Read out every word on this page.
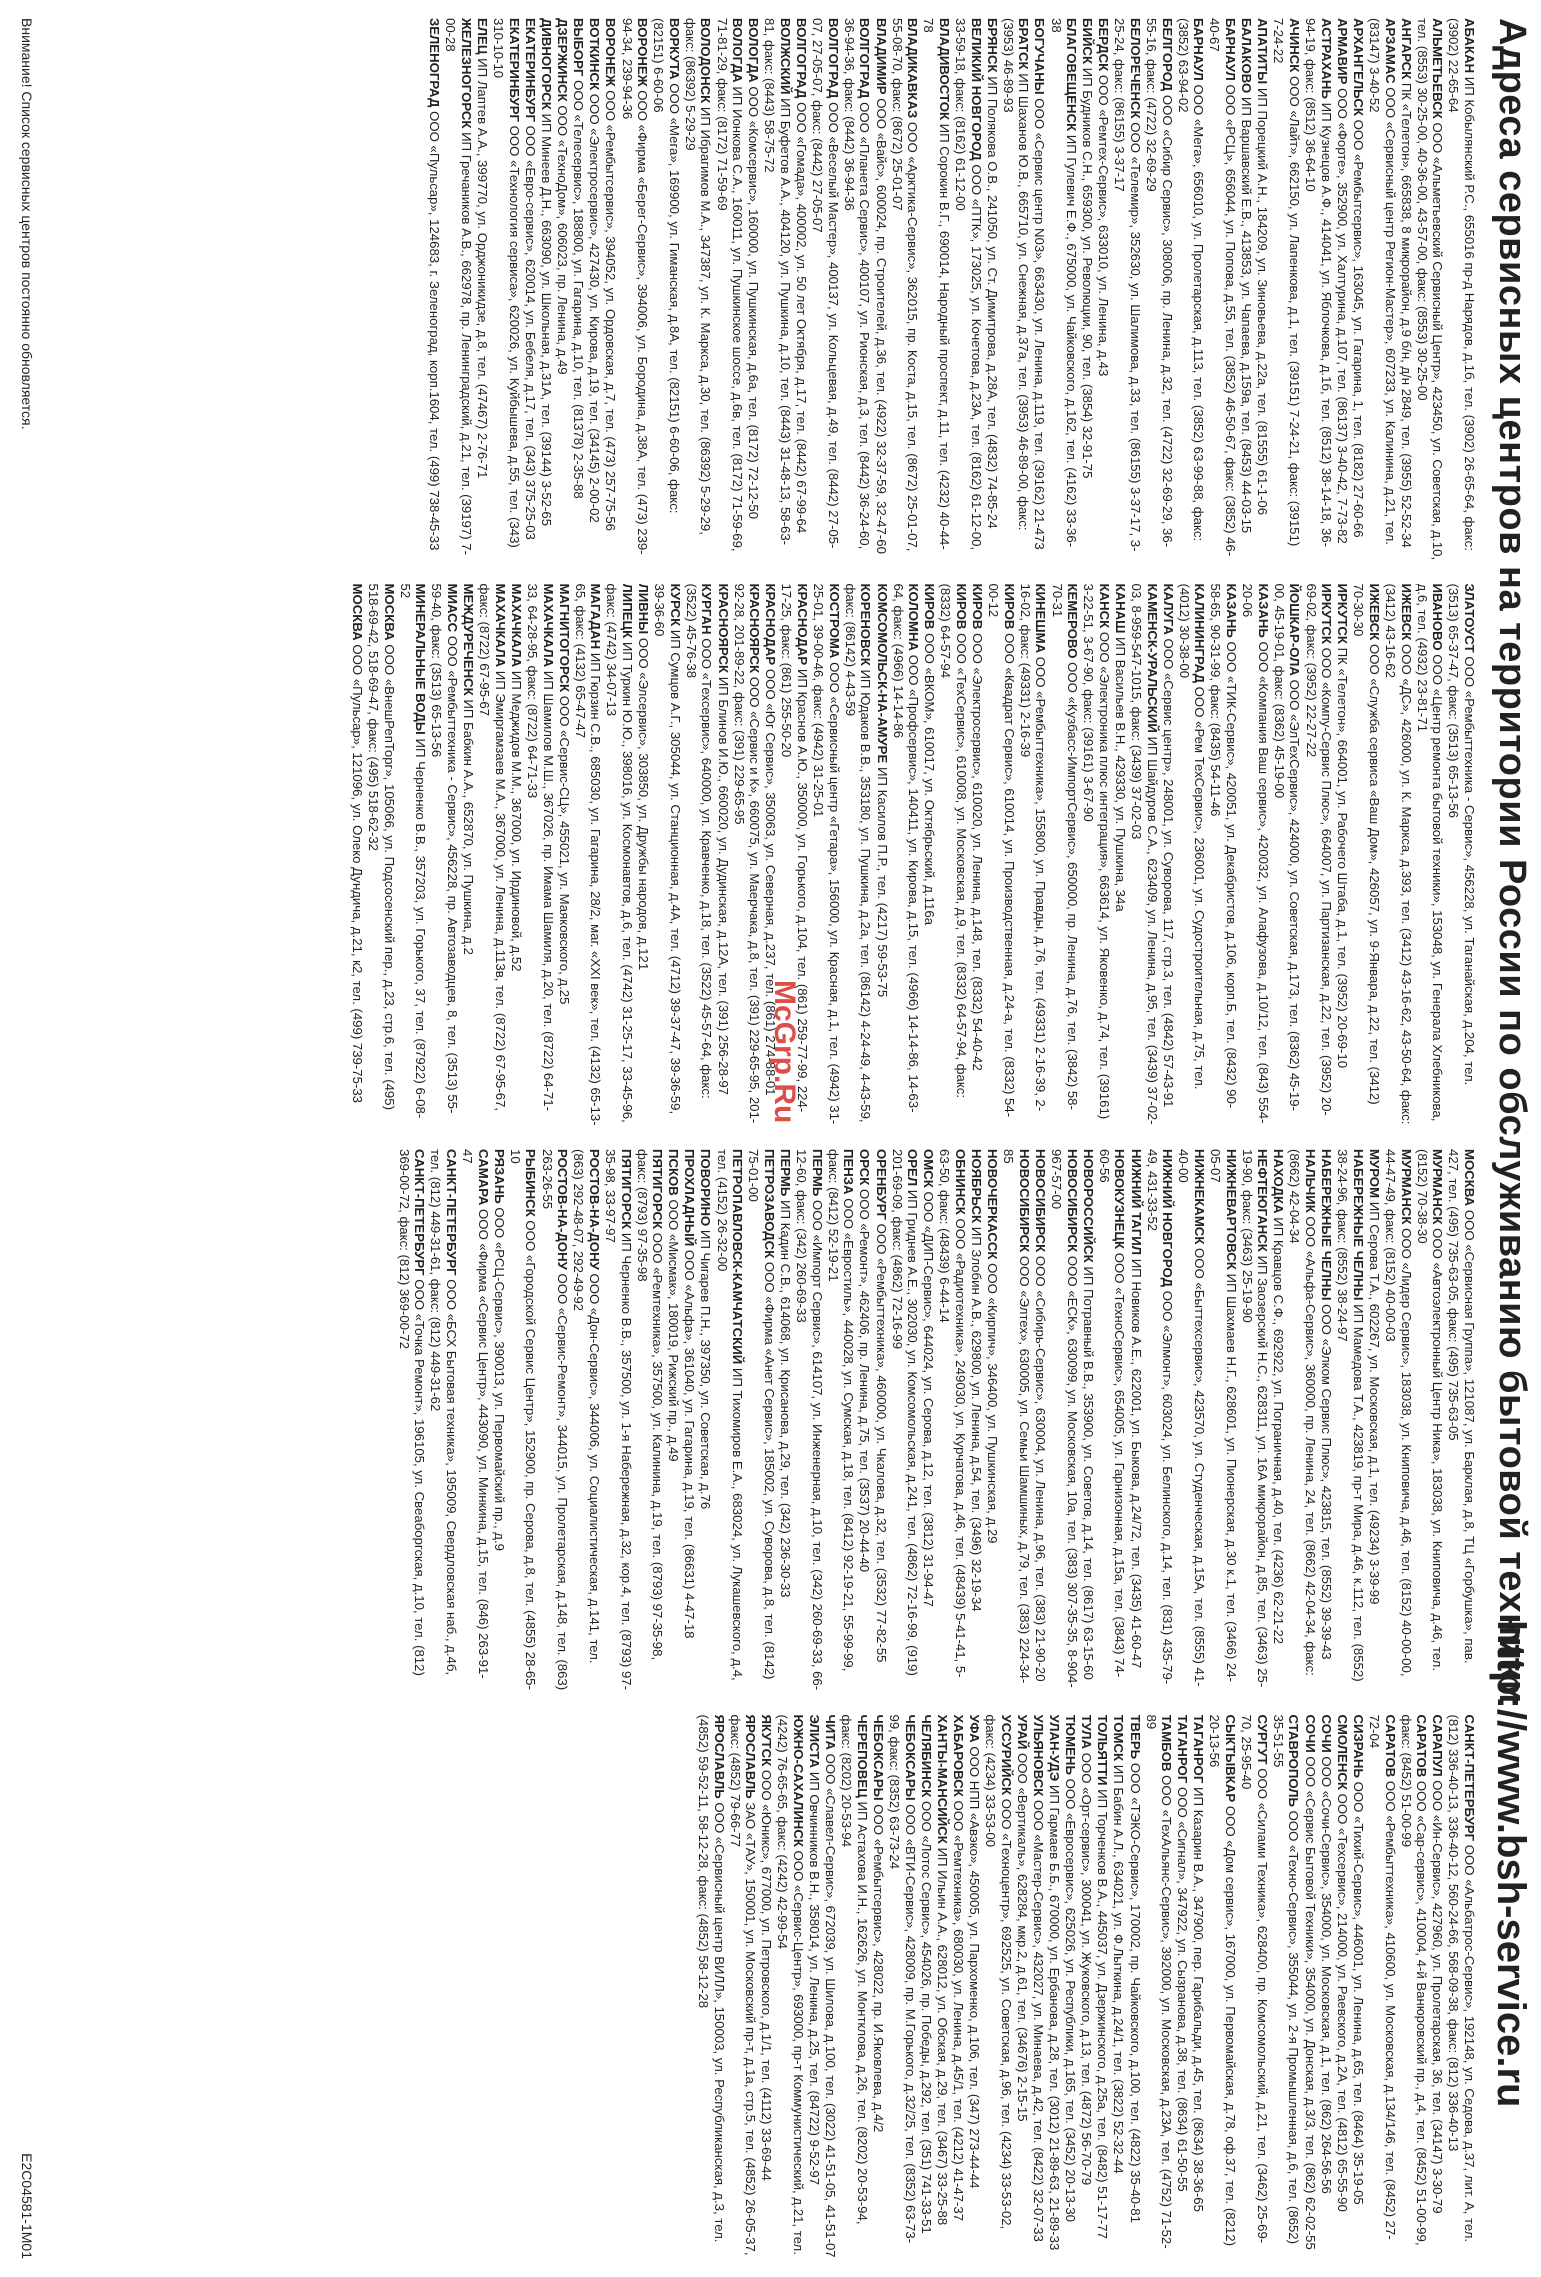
Адреса сервисных центров на территории России по обслуживанию бытовой техники
http://www.bsh-service.ru
АБАКАН ИП Кобылянский Р.С., 655016 пр-д Нарядов, д.1б, тел. (3902) 26-65-64, факс: (3902) 22-65-64
АЛЬМЕТЬЕВСК ООО «Альметьевский Сервисный Центр», 423450, ул. Советская, д.10, тел. (8553) 30-25-00, 40-36-00, 43-57-00, факс: (8553) 30-25-00
АНГАРСК ПК «Телетон», 665838, 8 микрорайон, д.9 б/н, д/н 2849, тел. (3955) 52-52-34
АРЗАМАС ООО «Сервисный центр Регион-Мастер», 607233, ул. Калинина, д.21, тел. (83147) 3-40-52
АРХАНГЕЛЬСК ООО «Рембытсервис», 163045, ул. Гагарина, 1, тел. (8182) 27-60-66
АРМАВИР ООО «Форте», 352900, ул. Халтурина, д.107, тел. (86137) 3-40-42, 7-73-82
АСТРАХАНЬ ИП Кузнецов А.Ф., 414041, ул. Яблочкова, д.1б, тел. (8512) 38-14-18, 36-94-19, факс: (8512) 36-64-10
АЧИНСК ООО «Лайт», 662150, ул. Лапенкова, д.1, тел. (39151) 7-24-21, факс: (39151) 7-24-22
АПАТИТЫ ИП Порецкий А.Н., 184209, ул. Зиновьева, д.22а, тел. (81555) 61-1-06
БАЛАКОВО ИП Варшавский Е.В., 413853, ул. Чапаева, д.159а, тел. (8453) 44-03-15
БАРНАУЛ ООО «РСЦ», 656044, ул. Попова, д.55, тел. (3852) 46-50-67, факс: (3852) 46-40-67
БАРНАУЛ ООО «Мега», 656010, ул. Пролетарская, д.113, тел. (3852) 63-99-88, факс: (3852) 63-94-02
БЕЛГОРОД ООО «Сибир Сервис», 308006, пр. Ленина, д.32, тел. (4722) 32-69-29, 36-55-16, факс: (4722) 32-69-29
БЕЛОРЕЧЕНСК ООО «Телемир», 352630, ул. Шалимова, д.33, тел. (86155) 3-37-17, 3-25-24, факс: (86155) 3-37-17
БЕРДСК ООО «Ремтех-Сервис», 633010, ул. Ленина, д.43
БИЙСК ИП Будников С.Н., 659300, ул. Революции, 90, тел. (3854) 32-91-75
БЛАГОВЕЩЕНСК ИП Гулевич Е.Ф., 675000, ул. Чайковского, д.162, тел. (4162) 33-36-38
БОГУЧАНЫ ООО «Сервис центр N03», 663430, ул. Ленина, д.119, тел. (39162) 21-473
БРАТСК ИП Шаханов Ю.В., 665710, ул. Снежная, д.37а, тел. (3953) 46-89-00, факс: (3953) 46-89-93
БРЯНСК ИП Полякова О.В., 241050, ул. Ст. Димитрова, д.28А, тел. (4832) 74-85-24
ВЕЛИКИЙ НОВГОРОД ООО «ПТК», 173025, ул. Кочетова, д.23А, тел. (8162) 61-12-00, 33-59-18, факс: (8162) 61-12-00
ВЛАДИВОСТОК ИП Сорокин В.Г., 690014, Народный проспект, д.11, тел. (4232) 40-44-78
ВЛАДИКАВКАЗ ООО «Арктика-Сервис», 362015, пр. Коста, д.15, тел. (8672) 25-01-07, 55-08-70, факс: (8672) 25-01-07
ВЛАДИМИР ООО «Вайс», 600024, пр. Строителей, д.36, тел. (4922) 32-37-59, 32-47-60
ВОЛГОГРАД ООО «Планета Сервис», 400107, ул. Рионская, д.3, тел. (8442) 36-24-60, 36-94-36, факс: (8442) 36-94-36
ВОЛГОГРАД ООО «Веселый Мастер», 400137, ул. Кольцевая, д.49, тел. (8442) 27-05-07, 27-05-07, факс: (8442) 27-05-07
ВОЛГОГРАД ООО «Гомада», 400002, ул. 50 лет Октября, д.17, тел. (8442) 67-99-64
ВОЛЖСКИЙ ИП Буфетов А.А., 404120, ул. Пушкина, д.10, тел. (8443) 31-48-13, 58-63-81, факс: (8443) 58-75-72
ВОЛОГДА ООО «Комсервис», 160000, ул. Пушкинская, д.6а, тел. (8172) 72-12-50
ВОЛОГДА ИП Ионкова С.А., 160011, ул. Пушкинское шоссе, д.6в, тел. (8172) 71-59-69, 71-81-29, факс: (8172) 71-59-69
ВОЛОДОНСК ИП Ибрагимов М.А., 347387, ул. К. Маркса, д.30, тел. (86392) 5-29-29, факс: (86392) 5-29-29
ВОРКУТА ООО «Мега», 169900, ул. Гиманская, д.8А, тел. (82151) 6-60-06, факс: (82151) 6-60-06
ВОРОНЕЖ ООО «Фирма «Берег-Сервис», 394006, ул. Бородина, д.38А, тел. (473) 239-94-34, 239-94-36
ВОРОНЕЖ ООО «Рембытсервис», 394052, ул. Ордовская, д.7, тел. (473) 257-75-56
ВОТКИНСК ООО «Электросервис», 427430, ул. Кирова, д.19, тел. (34145) 2-00-02
ВЫБОРГ ООО «Телесервис», 188800, ул. Гагарина, д.10, тел. (81378) 2-35-88
ДЗЕРЖИНСК ООО «ТехноДом», 606023, пр. Ленина, д.49
ДИВНОГОРСК ИП Минеев Д.Н., 663090, ул. Школьная, д.31А, тел. (39144) 3-52-65
ЕКАТЕРИНБУРГ ООО «Евро-сервис», 620014, ул. Бебеля, д.17, тел. (343) 375-25-03
ЕКАТЕРИНБУРГ ООО «Технология сервиса», 620026, ул. Куйбышева, д.55, тел. (343) 310-10-10
ЕЛЕЦ ИП Лаптев А.А., 399770, ул. Орджоникидзе, д.8, тел. (47467) 2-76-71
ЖЕЛЕЗНОГОРСК ИП Гречаников А.В., 662978, пр. Ленинградский, д.21, тел. (39197) 7-00-28
ЗЕЛЕНОГРАД ООО «Пульсар», 124683, г. Зеленоград, корп.1604, тел. (499) 738-45-33
ЗЛАТОУСТ ООО «Рембыттехника - Сервис», 456228, ул. Таганайская, д.204, тел. (3513) 65-37-47, факс: (3513) 65-13-56
ИВАНОВО ООО «Центр ремонта бытовой техники», 153048, ул. Генерала Хлебникова, д.6, тел. (4932) 23-81-71
ИЖЕВСК ООО «ДС», 426000, ул. К. Маркса, д.393, тел. (3412) 43-16-62, 43-50-64, факс: (3412) 43-16-62
ИЖЕВСК ООО «Служба сервиса «Ваш Дом», 426057, ул. 9-Январа, д.22, тел. (3412) 70-30-30
ИРКУТСК ПК «Телетон», 664001, ул. Рабочего Штаба, д.1, тел. (3952) 20-69-10
ИРКУТСК ООО «Компу-Сервис Плюс», 664007, ул. Партизанская, д.22, тел. (3952) 20-69-02, факс: (3952) 22-27-22
ЙОШКАР-ОЛА ООО «ЭлТехСервис», 424000, ул. Советская, д.173, тел. (8362) 45-19-00, 45-19-01, факс: (8362) 45-19-00
КАЗАНЬ ООО «Компания Ваш сервис», 420032, ул. Алафузова, д.10/12, тел. (843) 554-20-06
КАЗАНЬ ООО «ТИК-Сервис», 420051, ул. Декабристов, д.106, корп.Б, тел. (8432) 90-58-65, 90-31-99, факс: (8435) 54-11-46
КАЛИНИНГРАД ООО «Рем ТехСервис», 236001, ул. Судостроительная, д.75, тел. (4012) 30-38-00
КАЛУГА ООО «Сервис центр», 248001, ул. Суворова, 117, стр.3, тел. (4842) 57-43-91
КАМЕНСК-УРАЛЬСКИЙ ИП Шайдуров С.А., 623409, ул. Ленина, д.95, тел. (3439) 37-02-03, 8-959-547-1015, факс: (3439) 37-02-03
КАНАШ ИП Васильев В.Н., 429330, ул. Пушкина, 34а
КАНСК ООО «Электроника плюс интеграция», 663614, ул. Яковенко, д.74, тел. (39161) 3-22-51, 3-67-90, факс: (39161) 3-67-90
КЕМЕРОВО ООО «Кузбасс-ИмпортСервис», 650000, пр. Ленина, д.76, тел. (3842) 58-70-31
КИНЕШМА ООО «Рембыттехника», 155800, ул. Правды, д.76, тел. (49331) 2-16-39, 2-16-02, факс: (49331) 2-16-39
КИРОВ ООО «Квадрат Сервис», 610014, ул. Производственная, д.24-а, тел. (8332) 54-00-12
КИРОВ ООО «Электросервис», 610020, ул. Ленина, д.148, тел. (8332) 54-40-42
КИРОВ ООО «ТехСервис», 610008, ул. Московская, д.9, тел. (8332) 64-57-94, факс: (8332) 64-57-94
КИРОВ ООО «ВКОМ», 610017, ул. Октябрьский, д.116а
КОЛОМНА ООО «Профсервис», 140411, ул. Кирова, д.15, тел. (4966) 14-14-86, 14-63-64, факс: (4966) 14-14-86
КОМСОМОЛЬСК-НА-АМУРЕ ИП Касилов П.Р., тел. (4217) 59-53-75
КОРЕНОВСК ИП Юдаков В.В., 353180, ул. Пушкина, д.2а, тел. (86142) 4-24-49, 4-43-59, факс: (86142) 4-43-59
КОСТРОМА ООО «Сервисный центр «Гетара», 156000, ул. Красная, д.1, тел. (4942) 31-25-01, 39-00-46, факс: (4942) 31-25-01
КРАСНОДАР ИП Краснов А.Ю., 350000, ул. Горького, д.104, тел. (861) 259-77-99, 224-17-25, факс: (861) 255-50-20
КРАСНОДАР ООО «Юг Сервис», 350063, ул. Северная, д.237, тел. (861) 274-88-01
КРАСНОЯРСК ООО «Сервис и К», 660075, ул. Маерчака, д.8, тел. (391) 229-65-95, 201-92-28, 201-89-22, факс: (391) 229-65-95
КРАСНОЯРСК ИП Блинов И.Ю., 660020, ул. Дудинская, д.12А, тел. (391) 256-28-97
КУРГАН ООО «Техсервис», 640000, ул. Кравченко, д.18, тел. (3522) 45-57-64, факс: (3522) 45-76-38
КУРСК ИП Сумцов А.Г., 305044, ул. Станционная, д.4А, тел. (4712) 39-37-47, 39-36-59, 39-36-60
ЛИВНЫ ООО «Элсервис», 303850, ул. Дружбы народов, д.121
ЛИПЕЦК ИП Туркин Ю.Ю., 398016, ул. Космонавтов, д.6, тел. (4742) 31-25-17, 33-45-96, факс: (4742) 34-07-13
МАГАДАН ИП Гюрзин С.В., 685030, ул. Гагарина, 28/2, маг. «XXI век», тел. (4132) 65-13-65, факс: (4132) 65-47-47
МАГНИТОГОРСК ООО «Сервис-СЦ», 455021, ул. Маяковского, д.25
МАХАЧКАЛА ИП Шамилов М.Ш., 367026, пр. Имама Шамиля, д.20, тел. (8722) 64-71-33, 64-28-95, факс: (8722) 64-71-33
МАХАЧКАЛА ИП Меджидов М.М., 367000, ул. Ирдиновой, д.52
МАХАЧКАЛА ИП Эмиргамзаев М.А., 367000, ул. Ленина, д.113в, тел. (8722) 67-95-67, факс: (8722) 67-95-67
МЕЖДУРЕЧЕНСК ИП Бабкин А.А., 652870, ул. Пушкина, д.2
МИАСС ООО «Рембыттехника - Сервис», 456228, пр. Автозаводцев, 8, тел. (3513) 55-59-40, факс: (3513) 65-13-56
МИНЕРАЛЬНЫЕ ВОДЫ ИП Черненко В.В., 357203, ул. Горького, 37, тел. (87922) 6-08-52
МОСКВА ООО «ВнешРепТорг», 105066, ул. Подсосенский пер., д.23, стр.6, тел. (495) 518-69-42, 518-69-47, факс: (495) 518-62-32
МОСКВА ООО «Пульсар», 121096, ул. Олеко Дундича, д.21, к2, тел. (499) 739-75-33
МОСКВА ООО «Сервисная Группа», 121087, ул. Барклая, д.8, ТЦ «Горбушка», пав. 427, тел. (495) 735-63-05, факс: (495) 735-63-05
МУРМАНСК ООО «Автоэлектронный Центр Ника», 183038, ул. Книповича, д.46, тел. (8152) 70-38-30
МУРМАНСК ООО «Лидер Сервис», 183038, ул. Книповича, д.46, тел. (8152) 40-00-00, 44-47-49, факс: (8152) 40-00-03
МУРОМ ИП Серова Т.А., 602267, ул. Московская, д.1, тел. (49234) 3-39-99
НАБЕРЕЖНЫЕ ЧЕЛНЫ ИП Мамедова Т.А., 423819, пр-т Мира, д.46, к.112, тел. (8552) 38-24-96, факс: (8552) 38-24-97
НАБЕРЕЖНЫЕ ЧЕЛНЫ ООО «Элком Сервис Плюс», 423815, тел. (8552) 39-39-43
НАЛЬЧИК ООО «Альфа-Сервис», 360000, пр. Ленина, 24, тел. (8662) 42-04-34, факс: (8662) 42-04-34
НАХОДКА ИП Кравцов С.Ф., 692922, ул. Пограничная, д.40, тел. (4236) 62-21-22
НЕФТЕЮГАНСК ИП Заозерский Н.С., 628311, ул. 16А микрорайон, д.85, тел. (3463) 25-19-90, факс: (3463) 25-19-90
НИЖНЕВАРТОВСК ИП Шахмаев Н.Г., 628601, ул. Пионерская, д.30 к.1, тел. (3466) 24-05-07
НИЖНЕКАМСК ООО «Быттехсервис», 423570, ул. Студенческая, д.15А, тел. (8555) 41-40-00
НИЖНИЙ НОВГОРОД ООО «Элмонт», 603024, ул. Белинского, д.14, тел. (831) 435-79-49, 431-33-52
НИЖНИЙ ТАГИЛ ИП Новиков А.Е., 622001, ул. Быкова, д.24/72, тел. (3435) 41-60-47
НОВОКУЗНЕЦК ООО «ТехноСервис», 654005, ул. Гарнизонная, д.15а, тел. (3843) 74-60-56
НОВОРОССИЙСК ИП Потравный В.В., 353900, ул. Советов, д.14, тел. (8617) 63-15-60
НОВОСИБИРСК ООО «ЕСК», 630099, ул. Московская, 10а, тел. (383) 307-35-35, 8-904-967-57-00
НОВОСИБИРСК ООО «Сибирь-Сервис», 630004, ул. Ленина, д.96, тел. (383) 21-90-20
НОВОСИБИРСК ООО «Элтех», 630005, ул. Семьи Шамшиных, д.79, тел. (383) 224-34-85
НОВОЧЕРКАССК ООО «Кирпич», 346400, ул. Пушкинская, д.29
НОЯБРЬСК ИП Злобин А.В., 629800, ул. Ленина, д.54, тел. (3496) 32-19-34
ОБНИНСК ООО «Радиотехника», 249030, ул. Курчатова, д.46, тел. (48439) 5-41-41, 5-63-50, факс: (48439) 6-44-14
ОМСК ООО «ДИП-Сервис», 644024, ул. Серова, д.12, тел. (3812) 31-94-47
ОРЕЛ ИП Гриднев А.Е., 302030, ул. Комсомольская, д.241, тел. (4862) 72-16-99, (919) 201-69-09, факс: (4862) 72-16-99
ОРЕНБУРГ ООО «Рембыттехника», 460000, ул. Чкалова, д.32, тел. (3532) 77-82-55
ОРСК ООО «Ремонт», 462406, пр. Ленина, д.75, тел. (3537) 20-44-40
ПЕНЗА ООО «Евростиль», 440028, ул. Сумская, д.18, тел. (8412) 92-19-21, 55-99-99, факс: (8412) 52-19-21
ПЕРМЬ ООО «Импорт Сервис», 614107, ул. Инженерная, д.10, тел. (342) 260-69-33, 66-12-60, факс: (342) 260-69-33
ПЕРМЬ ИП Кадин С.В., 614068, ул. Крисанова, д.29, тел. (342) 236-30-33
ПЕТРОЗАВОДСК ООО «Фирма «Анет Сервис», 185002, ул. Суворова, д.8, тел. (8142) 75-01-00
ПЕТРОПАВЛОВСК-КАМЧАТСКИЙ ИП Тихомиров Е.А., 683024, ул. Лукашевского, д.4, тел. (4152) 26-32-00
ПОВОРИНО ИП Чигарев П.Н., 397350, ул. Советская, д.76
ПРОХЛАДНЫЙ ООО «Альфа», 361040, ул. Гагарина, д.19, тел. (86631) 4-47-18
ПСКОВ ООО «Мисмак», 180019, Рижский пр., д.49
ПЯТИГОРСК ООО «Ремтехника», 357500, ул. Калинина, д.19, тел. (8793) 97-35-98, факс: (8793) 97-35-98
ПЯТИГОРСК ИП Черненко В.В., 357500, ул. 1-я Набережная, д.32, кор.4, тел. (8793) 97-35-98, 33-97-97
РОСТОВ-НА-ДОНУ ООО «Дон-Сервис», 344006, ул. Социалистическая, д.141, тел. (863) 292-48-07, 292-49-92
РОСТОВ-НА-ДОНУ ООО «Сервис-Ремонт», 344015, ул. Пролетарская, д.148, тел. (863) 263-26-55
РЫБИНСК ООО «Городской Сервис Центр», 152900, пр. Серова, д.8, тел. (4855) 28-65-10
РЯЗАНЬ ООО «РСЦ-Сервис», 390013, ул. Первомайский пр., д.9
САМАРА ООО «Фирма «Сервис Центр», 443090, ул. Минкина, д.15, тел. (846) 263-91-47
САНКТ-ПЕТЕРБУРГ ООО «БСХ Бытовая техника», 195009, Свердловская наб., д.4б, тел. (812) 449-31-61, факс: (812) 449-31-62
САНКТ-ПЕТЕРБУРГ ООО «Точка Ремонт», 196105, ул. Свеаборгская, д.10, тел. (812) 369-00-72, факс: (812) 369-00-72
САНКТ-ПЕТЕРБУРГ ООО «Альбатрос-Сервис», 192148, ул. Седова, д.37, лит. А, тел. (812) 336-40-13, 336-40-12, 560-24-66, 568-09-38, факс: (812) 336-40-13
САРАПУЛ ООО «Ин-Сервис», 427960, ул. Пролетарская, 36, тел. (34147) 3-30-79
САРАТОВ ООО «Сар-сервис», 410004, 4-й Ванюровский пр., д.4, тел. (8452) 51-00-99, факс: (8452) 51-00-99
САРАТОВ ООО «Рембыттехника», 410600, ул. Московская, д.134/146, тел. (8452) 27-72-04
СИЗРАНЬ ООО «Тихий-Сервис», 446001, ул. Ленина, д.65, тел. (8464) 35-19-05
СМОЛЕНСК ООО «Техсервис», 214000, ул. Раевского, д.2А, тел. (4812) 65-55-90
СОЧИ ООО «Сочи-Сервис», 354000, ул. Московская, д.1, тел. (862) 264-56-56
СОЧИ ООО «Сервис Бытовой Техники», 354000, ул. Донская, д.3/3, тел. (862) 62-02-55
СТАВРОПОЛЬ ООО «Техно-Сервис», 355044, ул. 2-я Промышленная, д.6, тел. (8652) 35-51-55
СУРГУТ ООО «Силами Техника», 628400, пр. Комсомольский, д.21, тел. (3462) 25-69-70, 25-95-40
СЫКТЫВКАР ООО «Дом сервис», 167000, ул. Первомайская, д.78, оф.37, тел. (8212) 20-13-56
ТАГАНРОГ ИП Казарин В.А., 347900, пер. Гарибальди, д.45, тел. (8634) 38-36-65
ТАГАНРОГ ООО «Сигнал», 347922, ул. Сызранова, д.38, тел. (8634) 61-50-55
ТАМБОВ ООО «ТехАльянс-Сервис», 392000, ул. Московская, д.23А, тел. (4752) 71-52-89
ТВЕРЬ ООО «ТЭКО-Сервис», 170002, пр. Чайковского, д.100, тел. (4822) 35-40-81
ТОМСК ИП Бабин А.Л., 634021, ул. Ф.Лыткина, д.24/1, тел. (3822) 52-32-44
ТОЛЬЯТТИ ИП Торченков В.А., 445037, ул. Дзержинского, д.25а, тел. (8482) 51-17-77
ТУЛА ООО «Орт-сервис», 300041, ул. Жуковского, д.13, тел. (4872) 56-70-79
ТЮМЕНЬ ООО «Евросервис», 625026, ул. Республики, д.165, тел. (3452) 20-13-30
УЛАН-УДЭ ИП Гармаев Б.Б., 670000, ул. Ербанова, д.28, тел. (3012) 21-89-63, 21-89-33
УЛЬЯНОВСК ООО «Мастер-Сервис», 432027, ул. Минаева, д.42, тел. (8422) 32-07-33
УРАЙ ООО «Вертикаль», 628284, мкр.2, д.61, тел. (34676) 2-15-15
УССУРИЙСК ООО «Техноцентр», 692525, ул. Советская, д.96, тел. (4234) 33-53-02, факс: (4234) 33-53-00
УФА ООО НПП «Авэко», 450005, ул. Пархоменко, д.106, тел. (347) 273-44-44
ХАБАРОВСК ООО «Ремтехника», 680030, ул. Ленина, д.45/1, тел. (4212) 41-47-37
ХАНТЫ-МАНСИЙСК ИП Ильин А.А., 628012, ул. Обская, д.29, тел. (3467) 33-25-88
ЧЕЛЯБИНСК ООО «Лотос Сервис», 454026, пр. Победы, д.292, тел. (351) 741-33-51
ЧЕБОКСАРЫ ООО «ВТИ-Сервис», 428009, пр. М.Горького, д.32/25, тел. (8352) 63-73-99, факс: (8352) 63-73-24
ЧЕБОКСАРЫ ООО «Рембытсервис», 428022, пр. И.Яковлева, д.4/2
ЧЕРЕПОВЕЦ ИП Астахова И.Н., 162626, ул. Монтклова, д.26, тел. (8202) 20-53-94, факс: (8202) 20-53-94
ЧИТА ООО «Славел-Сервис», 672039, ул. Шилова, д.100, тел. (3022) 41-51-05, 41-51-07
ЭЛИСТА ИП Овчинников В.Н., 358014, ул. Ленина, д.25, тел. (84722) 9-52-97
ЮЖНО-САХАЛИНСК ООО «Сервис-Центр», 693000, пр-т Коммунистический, д.21, тел. (4242) 76-65-65, факс: (4242) 42-99-54
ЯКУТСК ООО «Юникс», 677000, ул. Петровского, д.1/1, тел. (4112) 33-69-44
ЯРОСЛАВЛЬ ЗАО «ТАУ», 150001, ул. Московский пр-т, д.1а, стр.5, тел. (4852) 26-05-37, факс: (4852) 79-66-77
ЯРОСЛАВЛЬ ООО «Сервисный центр ВИЛЛ», 150003, ул. Республиканская, д.3, тел. (4852) 59-52-11, 58-12-28, факс: (4852) 58-12-28
McGrp.Ru
Внимание! Список сервисных центров постоянно обновляется.
E2C04581-1M01
